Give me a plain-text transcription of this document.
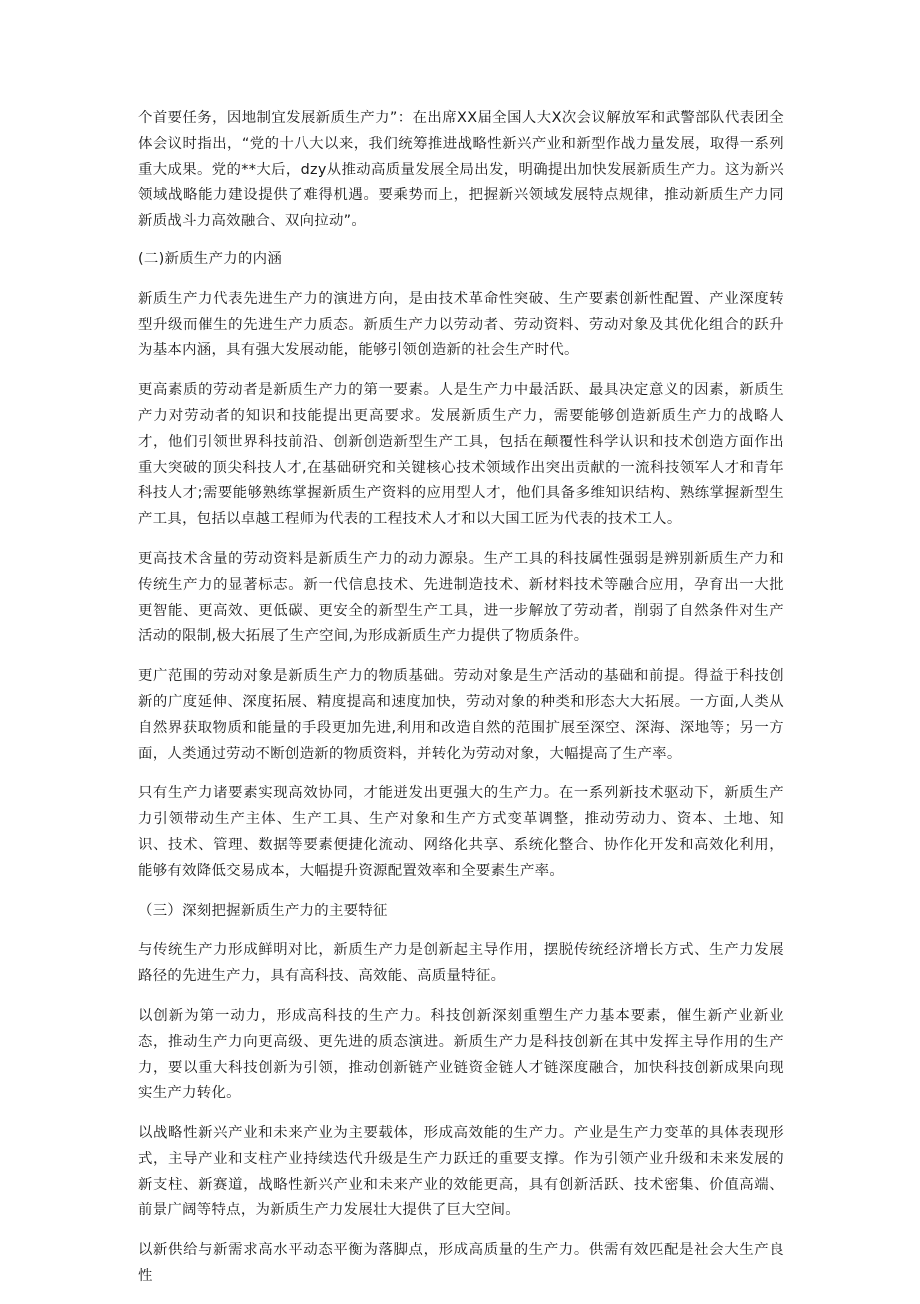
个首要任务，因地制宜发展新质生产力”：在出席XX届全国人大X次会议解放军和武警部队代表团全体会议时指出，“党的十八大以来，我们统筹推进战略性新兴产业和新型作战力量发展，取得一系列重大成果。党的**大后，dzy从推动高质量发展全局出发，明确提出加快发展新质生产力。这为新兴领域战略能力建设提供了难得机遇。要乘势而上，把握新兴领域发展特点规律，推动新质生产力同新质战斗力高效融合、双向拉动”。

(二)新质生产力的内涵

新质生产力代表先进生产力的演进方向，是由技术革命性突破、生产要素创新性配置、产业深度转型升级而催生的先进生产力质态。新质生产力以劳动者、劳动资料、劳动对象及其优化组合的跃升为基本内涵，具有强大发展动能，能够引领创造新的社会生产时代。

更高素质的劳动者是新质生产力的第一要素。人是生产力中最活跃、最具决定意义的因素，新质生产力对劳动者的知识和技能提出更高要求。发展新质生产力，需要能够创造新质生产力的战略人才，他们引领世界科技前沿、创新创造新型生产工具，包括在颠覆性科学认识和技术创造方面作出重大突破的顶尖科技人才,在基础研究和关键核心技术领域作出突出贡献的一流科技领军人才和青年科技人才;需要能够熟练掌握新质生产资料的应用型人才，他们具备多维知识结构、熟练掌握新型生产工具，包括以卓越工程师为代表的工程技术人才和以大国工匠为代表的技术工人。

更高技术含量的劳动资料是新质生产力的动力源泉。生产工具的科技属性强弱是辨别新质生产力和传统生产力的显著标志。新一代信息技术、先进制造技术、新材料技术等融合应用，孕育出一大批更智能、更高效、更低碳、更安全的新型生产工具，进一步解放了劳动者，削弱了自然条件对生产活动的限制,极大拓展了生产空间,为形成新质生产力提供了物质条件。

更广范围的劳动对象是新质生产力的物质基础。劳动对象是生产活动的基础和前提。得益于科技创新的广度延伸、深度拓展、精度提高和速度加快，劳动对象的种类和形态大大拓展。一方面,人类从自然界获取物质和能量的手段更加先进,利用和改造自然的范围扩展至深空、深海、深地等；另一方面，人类通过劳动不断创造新的物质资料，并转化为劳动对象，大幅提高了生产率。

只有生产力诸要素实现高效协同，才能迸发出更强大的生产力。在一系列新技术驱动下，新质生产力引领带动生产主体、生产工具、生产对象和生产方式变革调整，推动劳动力、资本、土地、知识、技术、管理、数据等要素便捷化流动、网络化共享、系统化整合、协作化开发和高效化利用，能够有效降低交易成本，大幅提升资源配置效率和全要素生产率。

（三）深刻把握新质生产力的主要特征

与传统生产力形成鲜明对比，新质生产力是创新起主导作用，摆脱传统经济增长方式、生产力发展路径的先进生产力，具有高科技、高效能、高质量特征。

以创新为第一动力，形成高科技的生产力。科技创新深刻重塑生产力基本要素，催生新产业新业态，推动生产力向更高级、更先进的质态演进。新质生产力是科技创新在其中发挥主导作用的生产力，要以重大科技创新为引领，推动创新链产业链资金链人才链深度融合，加快科技创新成果向现实生产力转化。

以战略性新兴产业和未来产业为主要载体，形成高效能的生产力。产业是生产力变革的具体表现形式，主导产业和支柱产业持续迭代升级是生产力跃迁的重要支撑。作为引领产业升级和未来发展的新支柱、新赛道，战略性新兴产业和未来产业的效能更高，具有创新活跃、技术密集、价值高端、前景广阔等特点，为新质生产力发展壮大提供了巨大空间。

以新供给与新需求高水平动态平衡为落脚点，形成高质量的生产力。供需有效匹配是社会大生产良性
